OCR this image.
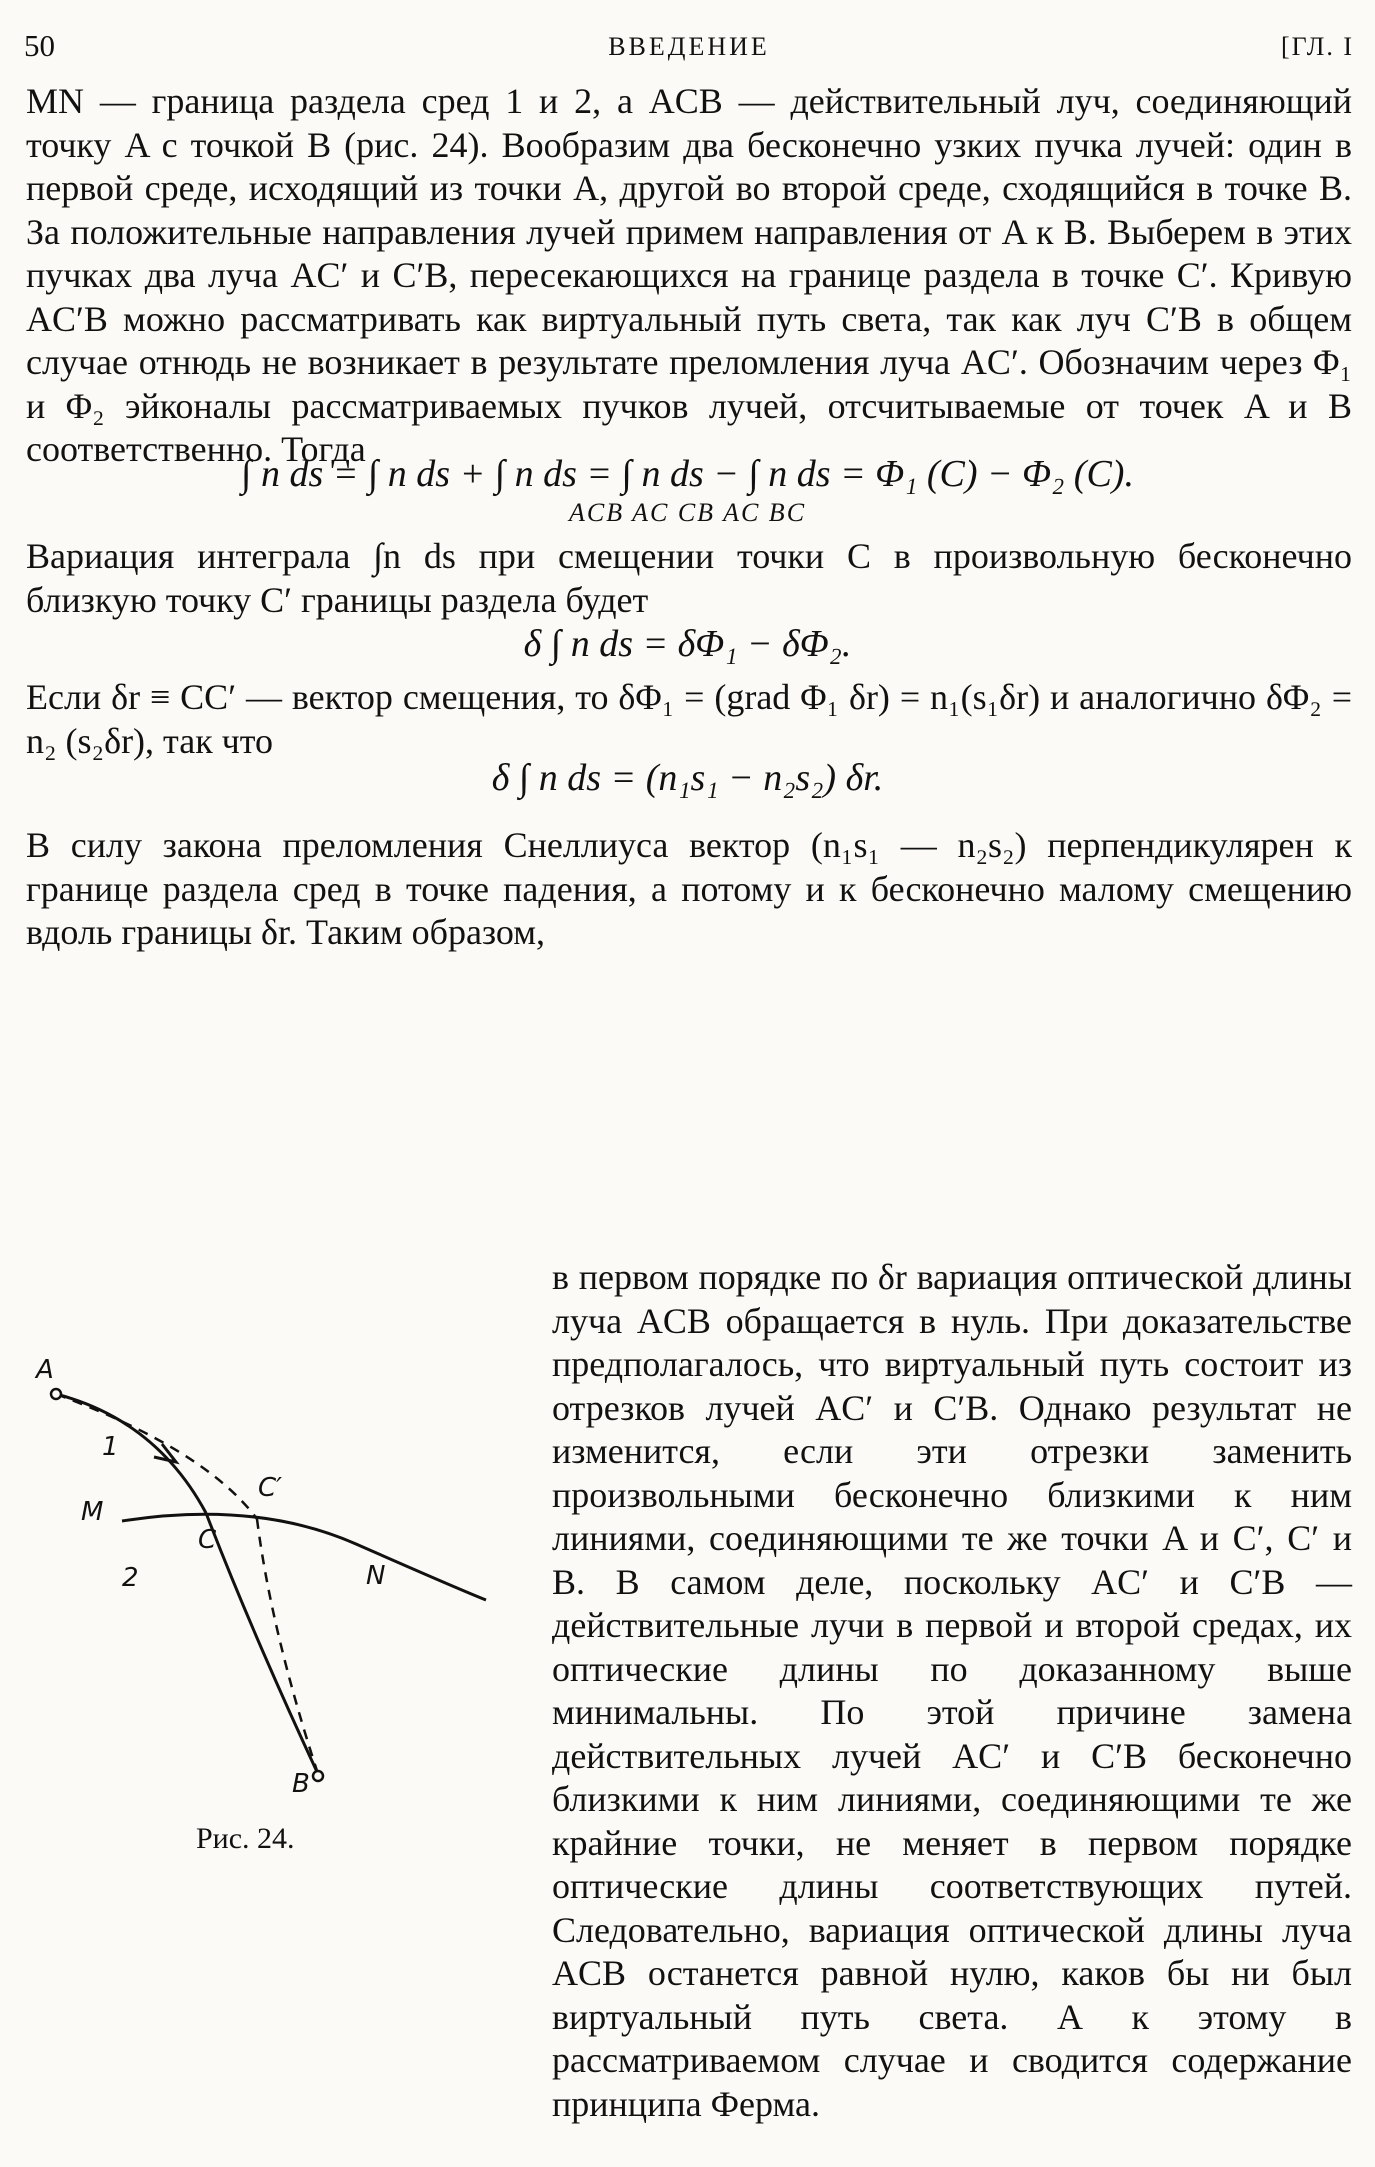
50	ВВЕДЕНИЕ	[ГЛ. I
MN — граница раздела сред 1 и 2, а ACB — действительный луч, соединяющий точку A с точкой B (рис. 24). Вообразим два бесконечно узких пучка лучей: один в первой среде, исходящий из точки A, другой во второй среде, сходящийся в точке B. За положительные направления лучей примем направления от A к B. Выберем в этих пучках два луча AC′ и C′B, пересекающихся на границе раздела в точке C′. Кривую AC′B можно рассматривать как виртуальный путь света, так как луч C′B в общем случае отнюдь не возникает в результате преломления луча AC′. Обозначим через Φ₁ и Φ₂ эйконалы рассматриваемых пучков лучей, отсчитываемые от точек A и B соответственно. Тогда
∫ n ds = ∫ n ds + ∫ n ds = ∫ n ds − ∫ n ds = Φ₁ (C) − Φ₂ (C).
ACB AC CB AC BC
Вариация интеграла ∫n ds при смещении точки C в произвольную бесконечно близкую точку C′ границы раздела будет
δ ∫ n ds = δΦ₁ − δΦ₂.
Если δr ≡ CC′ — вектор смещения, то δΦ₁ = (grad Φ₁ δr) = n₁(s₁δr) и аналогично δΦ₂ = n₂ (s₂δr), так что
δ ∫ n ds = (n₁s₁ − n₂s₂) δr.
В силу закона преломления Снеллиуса вектор (n₁s₁ — n₂s₂) перпендикулярен к границе раздела сред в точке падения, а потому и к бесконечно малому смещению вдоль границы δr. Таким образом,
A
B
C
C′
M
N
1
2
Рис. 24.
в первом порядке по δr вариация оптической длины луча ACB обращается в нуль. При доказательстве предполагалось, что виртуальный путь состоит из отрезков лучей AC′ и C′B. Однако результат не изменится, если эти отрезки заменить произвольными бесконечно близкими к ним линиями, соединяющими те же точки A и C′, C′ и B. В самом деле, поскольку AC′ и C′B — действительные лучи в первой и второй средах, их оптические длины по доказанному выше минимальны. По этой причине замена действительных лучей AC′ и C′B бесконечно близкими к ним линиями, соединяющими те же крайние точки, не меняет в первом порядке оптические длины соответствующих путей. Следовательно, вариация оптической длины луча ACB останется равной нулю, каков бы ни был виртуальный путь света. А к этому в рассматриваемом случае и сводится содержание принципа Ферма.
